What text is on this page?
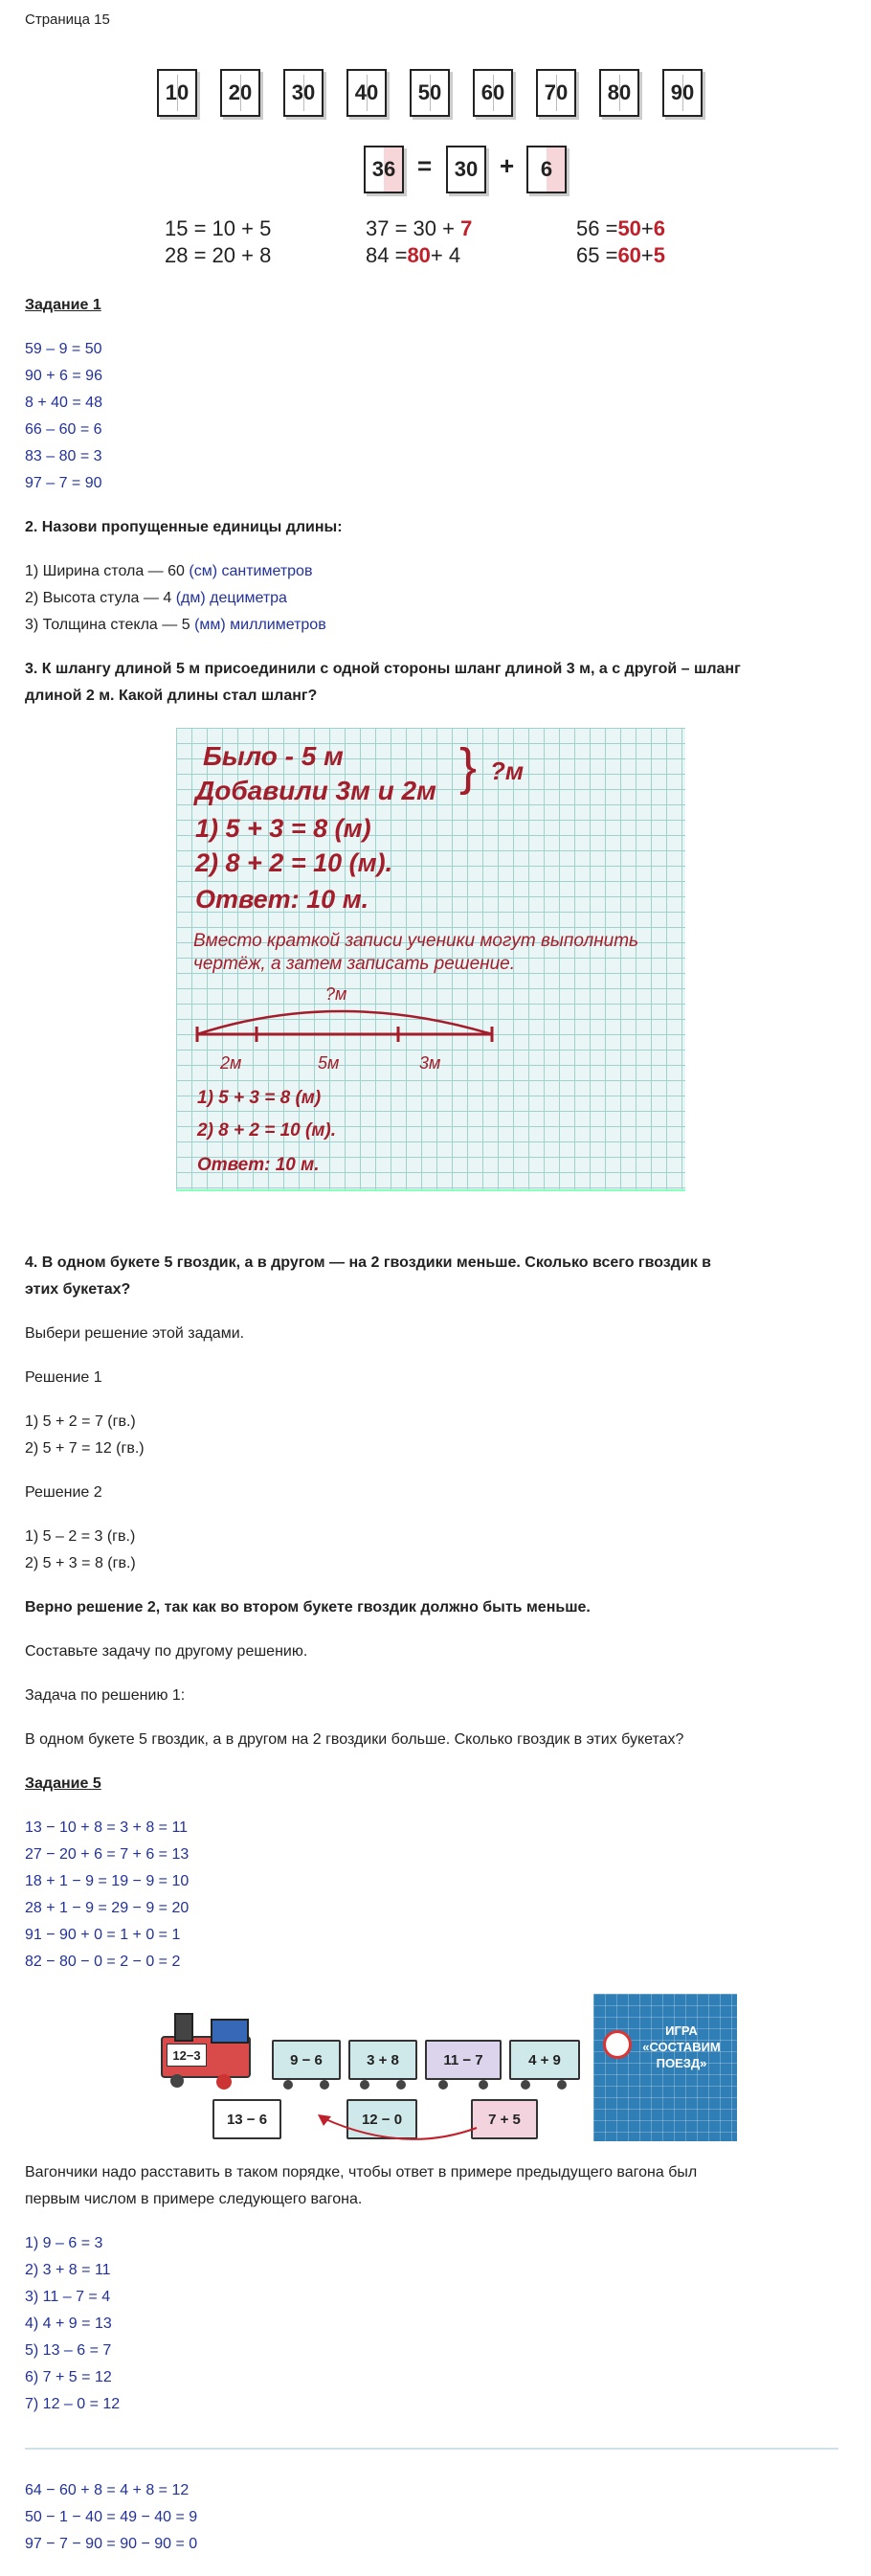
Страница 15
10	20	30	40	50	60	70	80	90
36 =	30 +	6
15 = 10 + 5
28 = 20 + 8
37 = 30 + 7
84 =80+ 4
56 =50+6
65 =60+5
Задание 1
59 – 9 = 50
90 + 6 = 96
8 + 40 = 48
66 – 60 = 6
83 – 80 = 3
97 – 7 = 90
2. Назови пропущенные единицы длины:
1) Ширина стола — 60 (см) сантиметров
2) Высота стула — 4 (дм) дециметра
3) Толщина стекла — 5 (мм) миллиметров
3. К шлангу длиной 5 м присоединили с одной стороны шланг длиной 3 м, а с другой – шланг
длиной 2 м. Какой длины стал шланг?
Было - 5 м
Добавили 3м и 2м } ?м
1) 5 + 3 = 8 (м)
2) 8 + 2 = 10 (м).
Ответ: 10 м.
Вместо краткой записи ученики могут выполнить
чертёж, а затем записать решение.
?м
2м	5м	3м
1) 5 + 3 = 8 (м)
2) 8 + 2 = 10 (м).
Ответ: 10 м.
4. В одном букете 5 гвоздик, а в другом — на 2 гвоздики меньше. Сколько всего гвоздик в
этих букетах?
Выбери решение этой задами.
Решение 1
1) 5 + 2 = 7 (гв.)
2) 5 + 7 = 12 (гв.)
Решение 2
1) 5 – 2 = 3 (гв.)
2) 5 + 3 = 8 (гв.)
Верно решение 2, так как во втором букете гвоздик должно быть меньше.
Составьте задачу по другому решению.
Задача по решению 1:
В одном букете 5 гвоздик, а в другом на 2 гвоздики больше. Сколько гвоздик в этих букетах?
Задание 5
13 − 10 + 8 = 3 + 8 = 11
27 − 20 + 6 = 7 + 6 = 13
18 + 1 − 9 = 19 − 9 = 10
28 + 1 − 9 = 29 − 9 = 20
91 − 90 + 0 = 1 + 0 = 1
82 − 80 − 0 = 2 − 0 = 2
12−3	9 − 6	3 + 8	11 − 7	4 + 9
13 − 6	12 − 0	7 + 5
ИГРА
«СОСТАВИМ
ПОЕЗД»
Вагончики надо расставить в таком порядке, чтобы ответ в примере предыдущего вагона был
первым числом в примере следующего вагона.
1) 9 – 6 = 3
2) 3 + 8 = 11
3) 11 – 7 = 4
4) 4 + 9 = 13
5) 13 – 6 = 7
6) 7 + 5 = 12
7) 12 – 0 = 12
64 − 60 + 8 = 4 + 8 = 12
50 − 1 − 40 = 49 − 40 = 9
97 − 7 − 90 = 90 − 90 = 0
